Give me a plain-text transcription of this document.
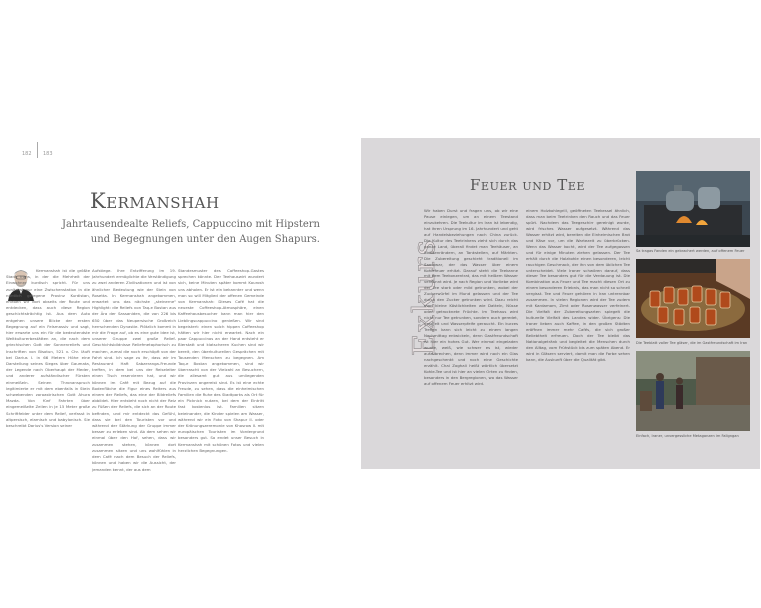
182 183
Kermanshah
Jahrtausendealte Reliefs, Cappuccino mit Hipstern
und Begegnungen unter den Augen Shapurs.
Kermanshah ist die größte Stadt Irans, in der die Mehrheit der Einwohner kurdisch spricht. Für uns zunächst nur eine Zwischenstation in die nördlich gelegene Provinz Kurdistan, erleben wir dort abseits der Route und entdecken, dass auch diese Region geschichtsträchtig ist. Aus dem Auto entgehen unsere Blicke der ersten Begegnung auf ein Felsmassiv und sagt, hier erwarte uns ein für die bedeutendste Weltkulturerbestätten an, die nach dem griechischen Gott der Sonnenreliefs und Inschriften von Bisotun, 521 v. Chr. läuft bei Darius I. in 66 Metern Höhe eine Darstellung seines Sieges über Gaumata, der Legende nach Oberhaupt der Meder, und anderer aufständischer Fürsten einmeißeln. Seinen Thronanspruch legitimierte er mit dem ebenfalls in Stein schwebenden zoroastrischen Gott Ahura Mazda. Von fünf Fahrten über eingemeißelte Zeilen in je 15 Meter große Schriftfelder unter dem Relief, verfasst in altpersisch, elamisch und babylonisch. Sie beschreibt Darius's Version seiner
Aufstiege. Ihre Entzifferung im 19. Jahrhundert ermöglichte die Verständigung zu zwei anderen Zivilisationen und ist von ähnlicher Bedeutung wie der Stein von Rosetta. In Kermanshah angekommen, erwartet uns das nächste „steinerne" Highlight: die Reliefs von Taq-e Bostan aus der Ära der Sassaniden, die von 226 bis 650 über das Neupersische Großreich herrschenden Dynastie. Plötzlich kommt in mir die Frage auf, ob es eine gute Idee ist, unserer Gruppe zwei große Relief-Geschichtsbildnisse Reliefmetaphorisch zu machen, zumal die noch erschöpft von der Fahrt sind. Ich sage zu ihr, dass wir im Restaurant Haft Sabzeranga-Freunde treffen, in dem bei uns der Reiseleiter einen Tisch reservieren hat, und wir können im Café mit Bezug auf die Bodenfläche die Figur eines Reiters aus einem der Reliefs, das eine der Bildreliefs abbildet. Hier entsteht noch nicht der Reiz zu Füßen der Reliefs, die sich an der Route befinden, und mir entdeckt das Gefühl, dass sie bei den Touristen vor und während der Stärkung der Gruppe immer besser zu erleben sind. Ab dem sehen wir einmal über den Hof, sehen, dass wir zusammen stehen, können dort zusammen sitzen und uns wohlfühlen in dem Café nach dem Besuch der Reliefs, können und haben wir die Aussicht, der jemanden kennt, der aus dem
Standesmuster des Coffeeshop-Gastes sprechen könnte. Der Teehauswirt wundert sich, keine Minuten später kommt Kourosh uns abholen. Er ist ein bekannter und wenn man so will Mitglied der offenen Gemeinde von Kermanshah: Dieses Café hat die neueste Coffeeshop-Atmosphäre, einen Kaffeehausbesucher kann man hier den Lieblingscappuccino genießen. Wir sind begeistert: einen solch hippen Coffeeshop hätten wir hier nicht erwartet. Nach ein paar Cappuccinos an der Hand entsteht er Bierstatt und klatscheren Kuchen sind wir bereit, den überkulturellen Gesprächen mit Tausenden Menschen zu begegnen. Am Taq-e Bostan angekommen, sind wir überrascht von der Vielzahl an Besuchern, die allesamt gut aus umliegenden Provinzen angereist sind. Es ist eine echte Freude, zu sehen, dass die einheimischen Familien die Ruhe des Stadtparks als Ort für ein Picknick nutzen, bei dem der Eintritt fast kostenlos ist. Familien sitzen beieinander, die Kinder spielen am Wasser, während wir ein Foto von Shapur II. oder der Krönungszeremonie von Khosrow II. mit europäischen Touristen im Vordergrund besonders gut. So endet unser Besuch in Kermanshah mit schönen Fotos und vielen herzlichen Begegnungen.
Exkurs
Feuer und Tee
Wir haben Durst und fragen uns, ob wir eine Pause einlegen, um an einem Teestand einzukehren. Die Teekultur im Iran ist lebendig, hat ihren Ursprung im 16. Jahrhundert und geht auf Handelsbeziehungen nach China zurück. Die Kultur des Teetrinkens zieht sich durch das ganze Land, überall findet man Teehäuser, an Straßenrändern, an Tankstellen, auf Märkten. Die Zubereitung geschieht traditionell im Samowar, der das Wasser über einem Kohlefeuer erhitzt. Darauf steht die Teekanne mit dem Teekonzentrat, das mit heißem Wasser verdünnt wird. Je nach Region und Vorliebe wird der Tee stark oder mild getrunken, wobei der Zuckerwürfel im Mund gelassen und der Tee durch den Zucker getrunken wird. Dazu reicht man kleine Köstlichkeiten wie Datteln, Nüsse oder getrocknete Früchte. Im Teehaus wird nicht nur Tee getrunken, sondern auch geredet, gespielt und Wasserpfeife geraucht. Ein kurzes Treffen kann sich leicht zu einem langen Nachmittag entwickeln, denn Gastfreundschaft ist hier ein hohes Gut. Wer einmal eingeladen wurde, weiß, wie schwer es ist, wieder aufzubrechen, denn immer wird noch ein Glas nachgeschenkt und noch eine Geschichte erzählt. Chai Zoghali heißt wörtlich übersetzt Kohle-Tee und ist hier an vielen Orten zu finden, besonders in den Bergregionen, wo das Wasser auf offenem Feuer erhitzt wird.
einem Holzkohlegrill, geöffneten Teekessel ähnlich, dass man beim Teetrinken den Rauch und das Feuer spürt. Nachdem das Teegeschirr gereinigt wurde, wird frisches Wasser aufgesetzt. Während das Wasser erhitzt wird, bereiten die Einheimischen Brot und Käse vor, um die Wartezeit zu überbrücken. Wenn das Wasser kocht, wird der Tee aufgegossen und für einige Minuten ziehen gelassen. Der Tee erhält durch die Holzkohle einen besonderen, leicht rauchigen Geschmack, der ihn von dem üblichen Tee unterscheidet. Viele Iraner schwören darauf, dass dieser Tee besonders gut für die Verdauung ist. Die Kombination aus Feuer und Tee macht diesen Ort zu einem besonderen Erlebnis, das man nicht so schnell vergisst. Tee und Feuer gehören in Iran untrennbar zusammen. In vielen Regionen wird der Tee zudem mit Kardamom, Zimt oder Rosenwasser verfeinert. Die Vielfalt der Zubereitungsarten spiegelt die kulturelle Vielfalt des Landes wider. Übrigens: Die Iraner lieben auch Kaffee, in den großen Städten eröffnen immer mehr Cafés, die sich großer Beliebtheit erfreuen. Doch der Tee bleibt das Nationalgetränk und begleitet die Menschen durch den Alltag, vom Frühstück bis zum späten Abend. Er wird in Gläsern serviert, damit man die Farbe sehen kann, die Auskunft über die Qualität gibt.
Sa tragas Fanden ein gebrachert werden, auf offenem Feuer
Die Teeblatt voller Tee gläser, die im Gastfreundschaft im Iran
Einfach, Iraner, unvergessliche Metaganzen im Fallgngan
